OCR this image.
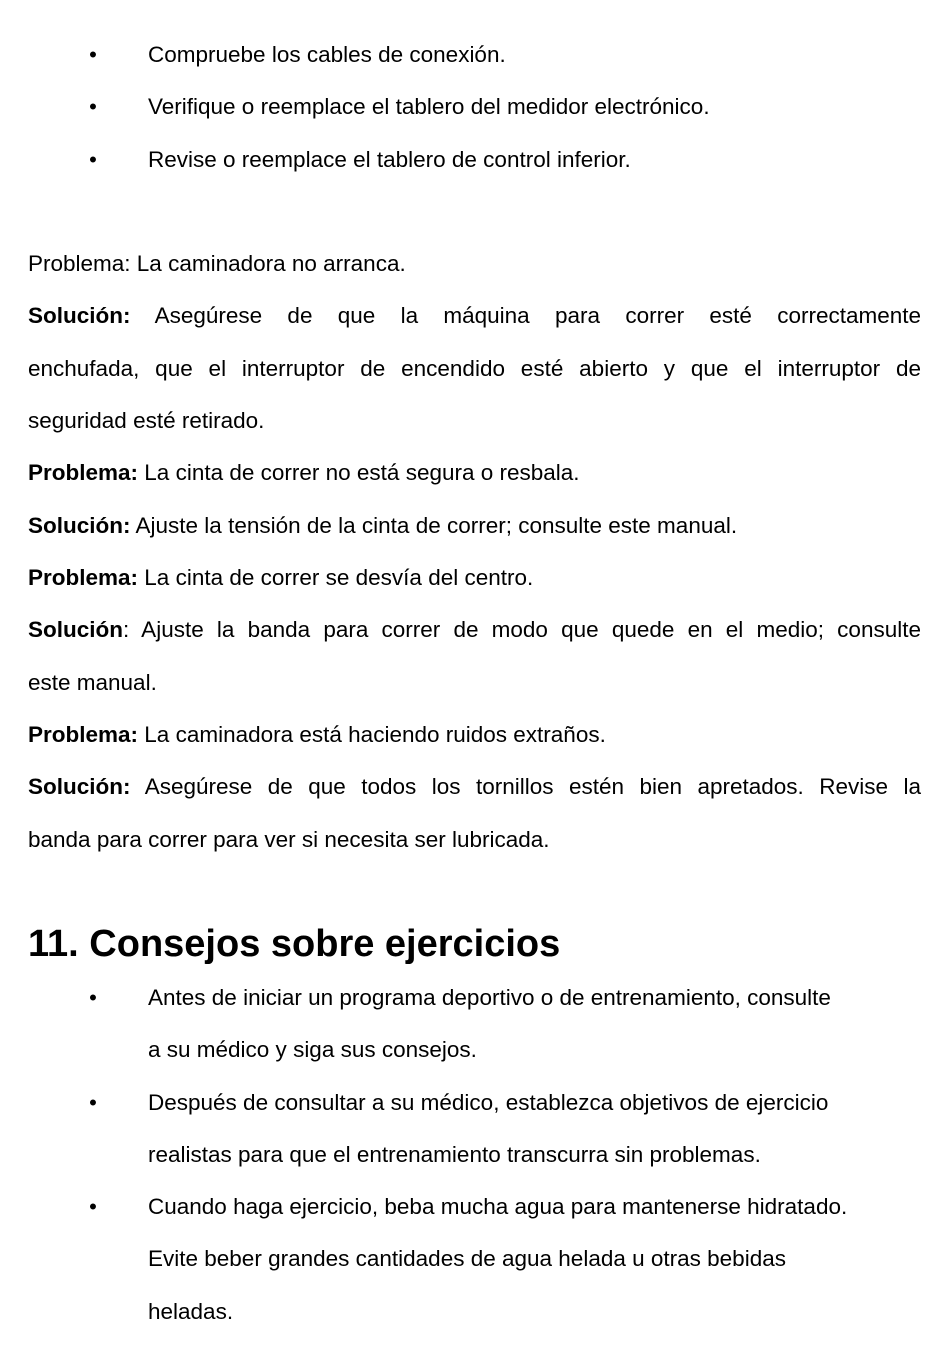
• Compruebe los cables de conexión.
• Verifique o reemplace el tablero del medidor electrónico.
• Revise o reemplace el tablero de control inferior.
Problema: La caminadora no arranca.
Solución: Asegúrese de que la máquina para correr esté correctamente
enchufada, que el interruptor de encendido esté abierto y que el interruptor de
seguridad esté retirado.
Problema: La cinta de correr no está segura o resbala.
Solución: Ajuste la tensión de la cinta de correr; consulte este manual.
Problema: La cinta de correr se desvía del centro.
Solución: Ajuste la banda para correr de modo que quede en el medio; consulte
este manual.
Problema: La caminadora está haciendo ruidos extraños.
Solución: Asegúrese de que todos los tornillos estén bien apretados. Revise la
banda para correr para ver si necesita ser lubricada.
11. Consejos sobre ejercicios
• Antes de iniciar un programa deportivo o de entrenamiento, consulte
a su médico y siga sus consejos.
• Después de consultar a su médico, establezca objetivos de ejercicio
realistas para que el entrenamiento transcurra sin problemas.
• Cuando haga ejercicio, beba mucha agua para mantenerse hidratado.
Evite beber grandes cantidades de agua helada u otras bebidas
heladas.
